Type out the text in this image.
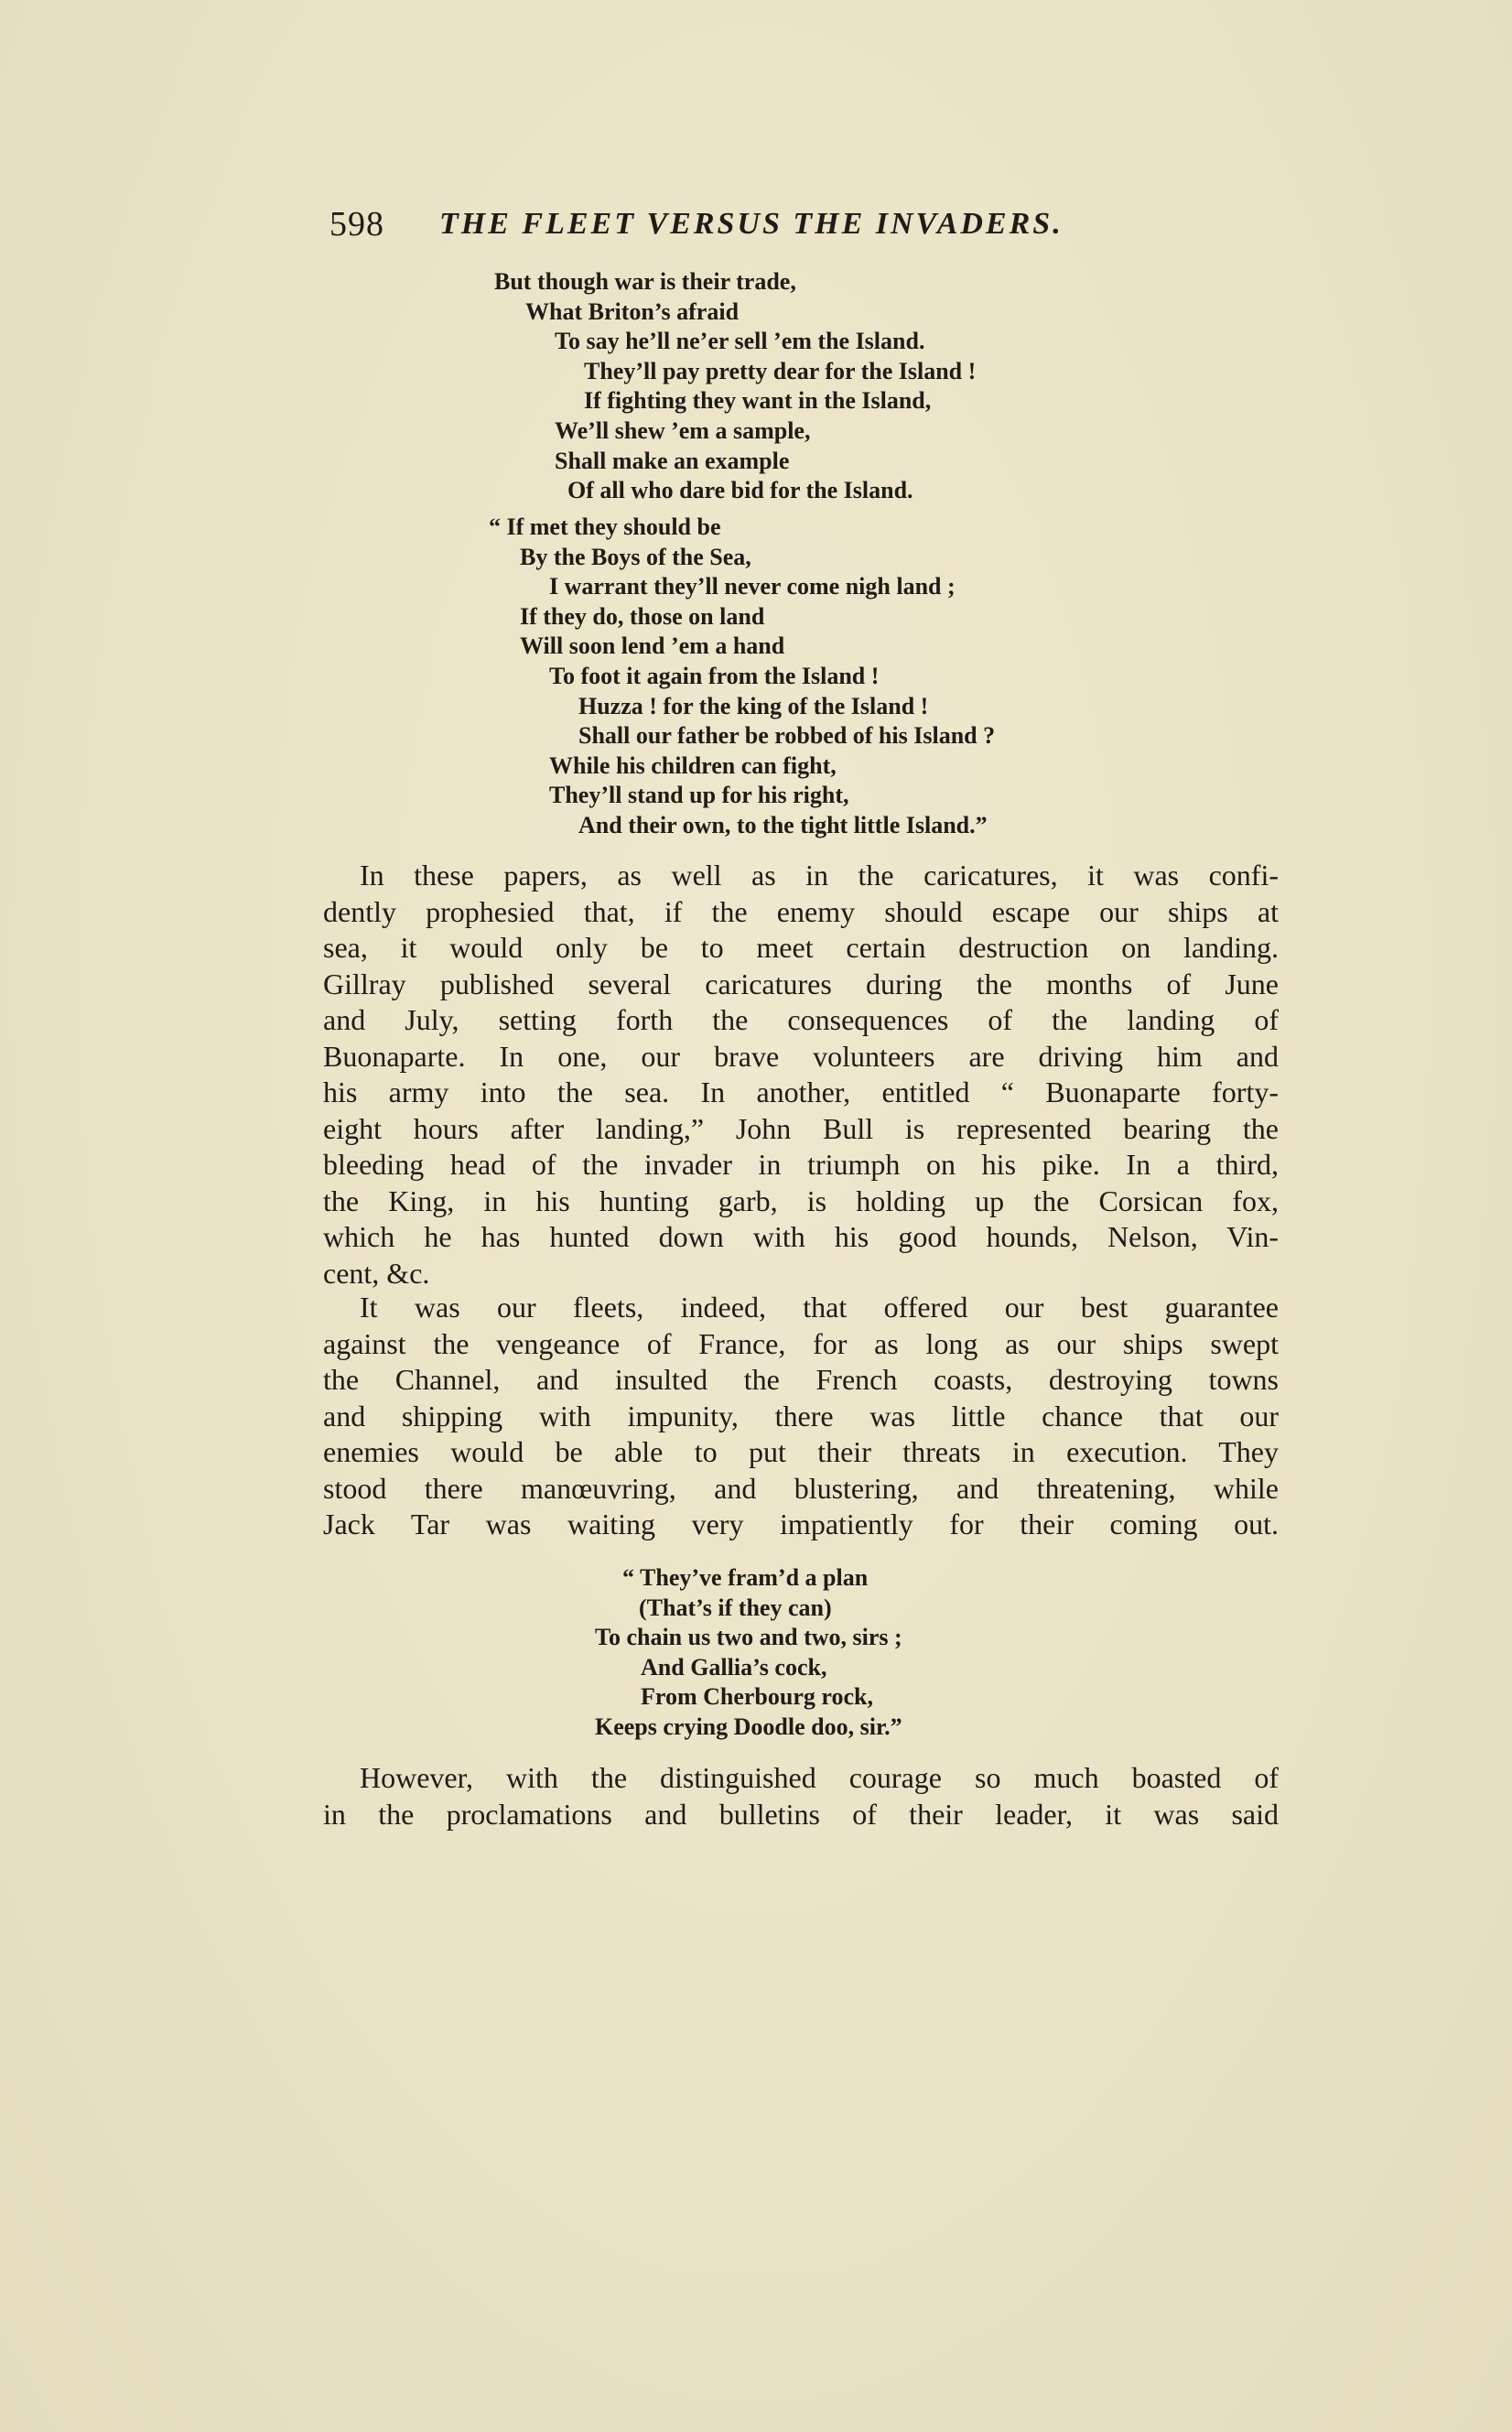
598 THE FLEET VERSUS THE INVADERS.
But though war is their trade,
What Briton’s afraid
To say he’ll ne’er sell ’em the Island.
They’ll pay pretty dear for the Island !
If fighting they want in the Island,
We’ll shew ’em a sample,
Shall make an example
Of all who dare bid for the Island.
“ If met they should be
By the Boys of the Sea,
I warrant they’ll never come nigh land ;
If they do, those on land
Will soon lend ’em a hand
To foot it again from the Island !
Huzza ! for the king of the Island !
Shall our father be robbed of his Island ?
While his children can fight,
They’ll stand up for his right,
And their own, to the tight little Island.”
In these papers, as well as in the caricatures, it was confi-
dently prophesied that, if the enemy should escape our ships at
sea, it would only be to meet certain destruction on landing.
Gillray published several caricatures during the months of June
and July, setting forth the consequences of the landing of
Buonaparte. In one, our brave volunteers are driving him and
his army into the sea. In another, entitled “ Buonaparte forty-
eight hours after landing,” John Bull is represented bearing the
bleeding head of the invader in triumph on his pike. In a third,
the King, in his hunting garb, is holding up the Corsican fox,
which he has hunted down with his good hounds, Nelson, Vin-
cent, &c.
It was our fleets, indeed, that offered our best guarantee
against the vengeance of France, for as long as our ships swept
the Channel, and insulted the French coasts, destroying towns
and shipping with impunity, there was little chance that our
enemies would be able to put their threats in execution. They
stood there manœuvring, and blustering, and threatening, while
Jack Tar was waiting very impatiently for their coming out.
“ They’ve fram’d a plan
(That’s if they can)
To chain us two and two, sirs ;
And Gallia’s cock,
From Cherbourg rock,
Keeps crying Doodle doo, sir.”
However, with the distinguished courage so much boasted of
in the proclamations and bulletins of their leader, it was said
